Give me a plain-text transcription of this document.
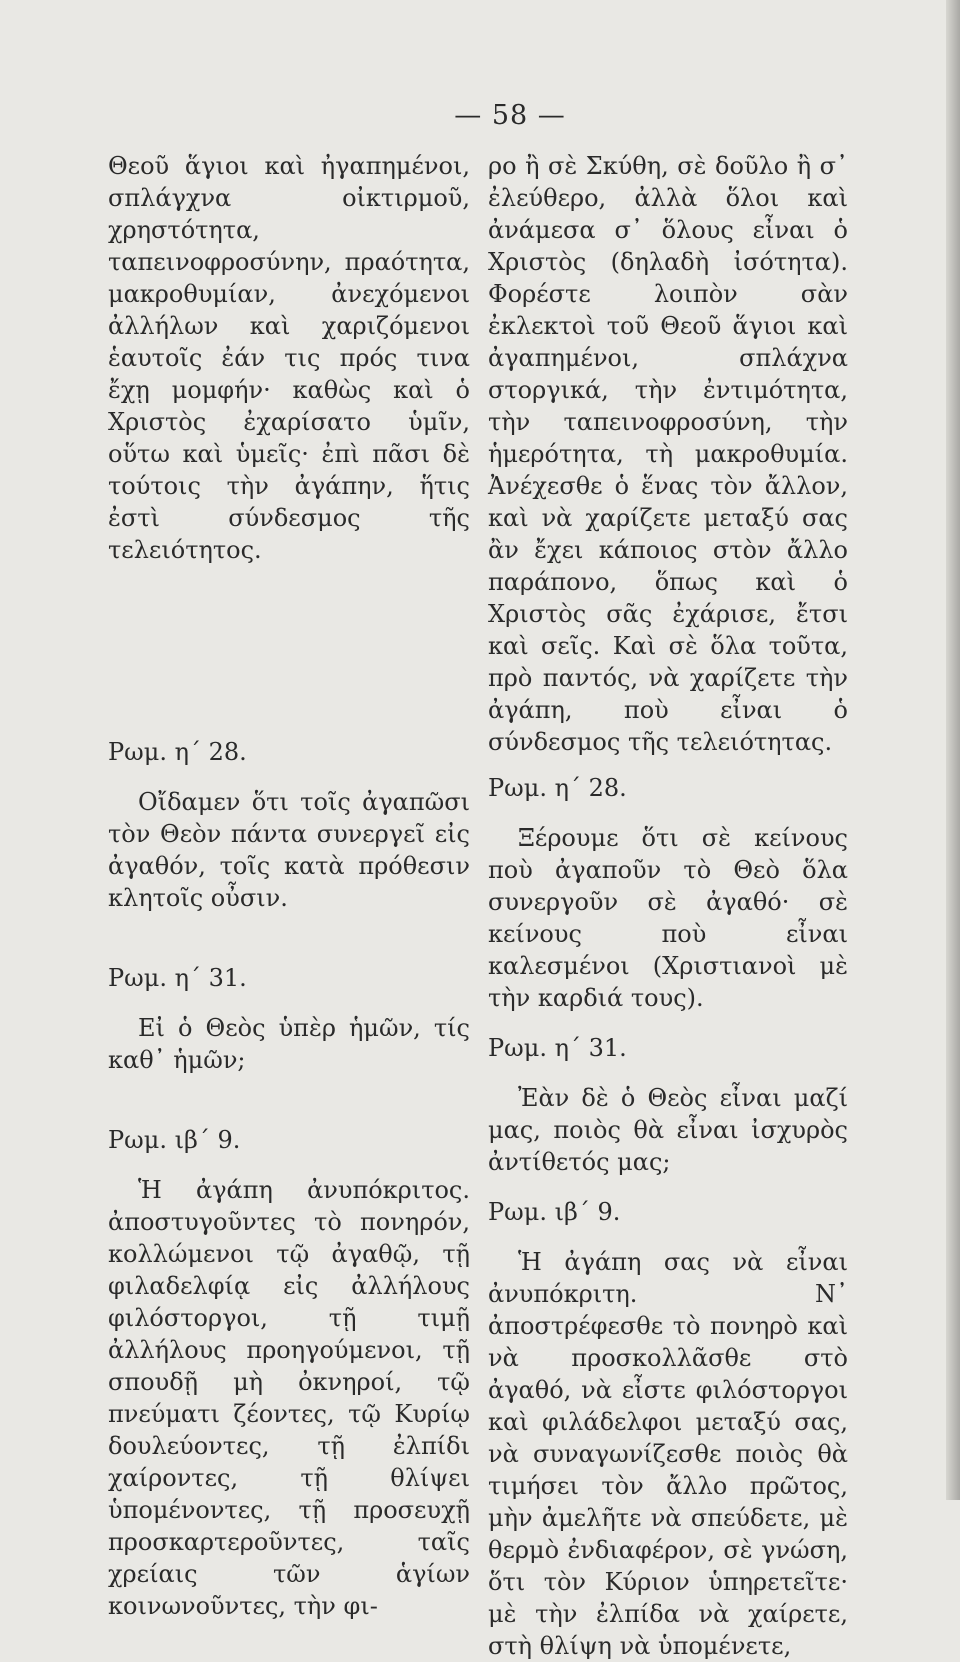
— 58 —

Θεοῦ ἅγιοι καὶ ἠγαπημένοι, σπλάγχνα οἰκτιρμοῦ, χρηστότητα, ταπεινοφροσύνην, πραότητα, μακροθυμίαν, ἀνεχόμενοι ἀλλήλων καὶ χαριζόμενοι ἑαυτοῖς ἐάν τις πρός τινα ἔχῃ μομφήν· καθὼς καὶ ὁ Χριστὸς ἐχαρίσατο ὑμῖν, οὕτω καὶ ὑμεῖς· ἐπὶ πᾶσι δὲ τούτοις τὴν ἀγάπην, ἥτις ἐστὶ σύνδεσμος τῆς τελειότητος.

Ρωμ. η΄ 28.

Οἴδαμεν ὅτι τοῖς ἀγαπῶσι τὸν Θεὸν πάντα συνεργεῖ εἰς ἀγαθόν, τοῖς κατὰ πρόθεσιν κλητοῖς οὖσιν.

Ρωμ. η΄ 31.

Εἰ ὁ Θεὸς ὑπὲρ ἡμῶν, τίς καθ᾿ ἡμῶν;

Ρωμ. ιβ΄ 9.

Ἡ ἀγάπη ἀνυπόκριτος. ἀποστυγοῦντες τὸ πονηρόν, κολλώμενοι τῷ ἀγαθῷ, τῇ φιλαδελφίᾳ εἰς ἀλλήλους φιλόστοργοι, τῇ τιμῇ ἀλλήλους προηγούμενοι, τῇ σπουδῇ μὴ ὀκνηροί, τῷ πνεύματι ζέοντες, τῷ Κυρίῳ δουλεύοντες, τῇ ἐλπίδι χαίροντες, τῇ θλίψει ὑπομένοντες, τῇ προσευχῇ προσκαρτεροῦντες, ταῖς χρείαις τῶν ἁγίων κοινωνοῦντες, τὴν φι-

ρο ἢ σὲ Σκύθη, σὲ δοῦλο ἢ σ᾿ ἐλεύθερο, ἀλλὰ ὅλοι καὶ ἀνάμεσα σ᾿ ὅλους εἶναι ὁ Χριστὸς (δηλαδὴ ἰσότητα). Φορέστε λοιπὸν σὰν ἐκλεκτοὶ τοῦ Θεοῦ ἅγιοι καὶ ἀγαπημένοι, σπλάχνα στοργικά, τὴν ἐντιμότητα, τὴν ταπεινοφροσύνη, τὴν ἡμερότητα, τὴ μακροθυμία. Ἀνέχεσθε ὁ ἕνας τὸν ἄλλον, καὶ νὰ χαρίζετε μεταξύ σας ἂν ἔχει κάποιος στὸν ἄλλο παράπονο, ὅπως καὶ ὁ Χριστὸς σᾶς ἐχάρισε, ἔτσι καὶ σεῖς. Καὶ σὲ ὅλα τοῦτα, πρὸ παντός, νὰ χαρίζετε τὴν ἀγάπη, ποὺ εἶναι ὁ σύνδεσμος τῆς τελειότητας.

Ρωμ. η΄ 28.

Ξέρουμε ὅτι σὲ κείνους ποὺ ἀγαποῦν τὸ Θεὸ ὅλα συνεργοῦν σὲ ἀγαθό· σὲ κείνους ποὺ εἶναι καλεσμένοι (Χριστιανοὶ μὲ τὴν καρδιά τους).

Ρωμ. η΄ 31.

Ἐὰν δὲ ὁ Θεὸς εἶναι μαζί μας, ποιὸς θὰ εἶναι ἰσχυρὸς ἀντίθετός μας;

Ρωμ. ιβ΄ 9.

Ἡ ἀγάπη σας νὰ εἶναι ἀνυπόκριτη. Ν᾿ ἀποστρέφεσθε τὸ πονηρὸ καὶ νὰ προσκολλᾶσθε στὸ ἀγαθό, νὰ εἶστε φιλόστοργοι καὶ φιλάδελφοι μεταξύ σας, νὰ συναγωνίζεσθε ποιὸς θὰ τιμήσει τὸν ἄλλο πρῶτος, μὴν ἀμελῆτε νὰ σπεύδετε, μὲ θερμὸ ἐνδιαφέρον, σὲ γνώση, ὅτι τὸν Κύριον ὑπηρετεῖτε· μὲ τὴν ἐλπίδα νὰ χαίρετε, στὴ θλίψη νὰ ὑπομένετε,
